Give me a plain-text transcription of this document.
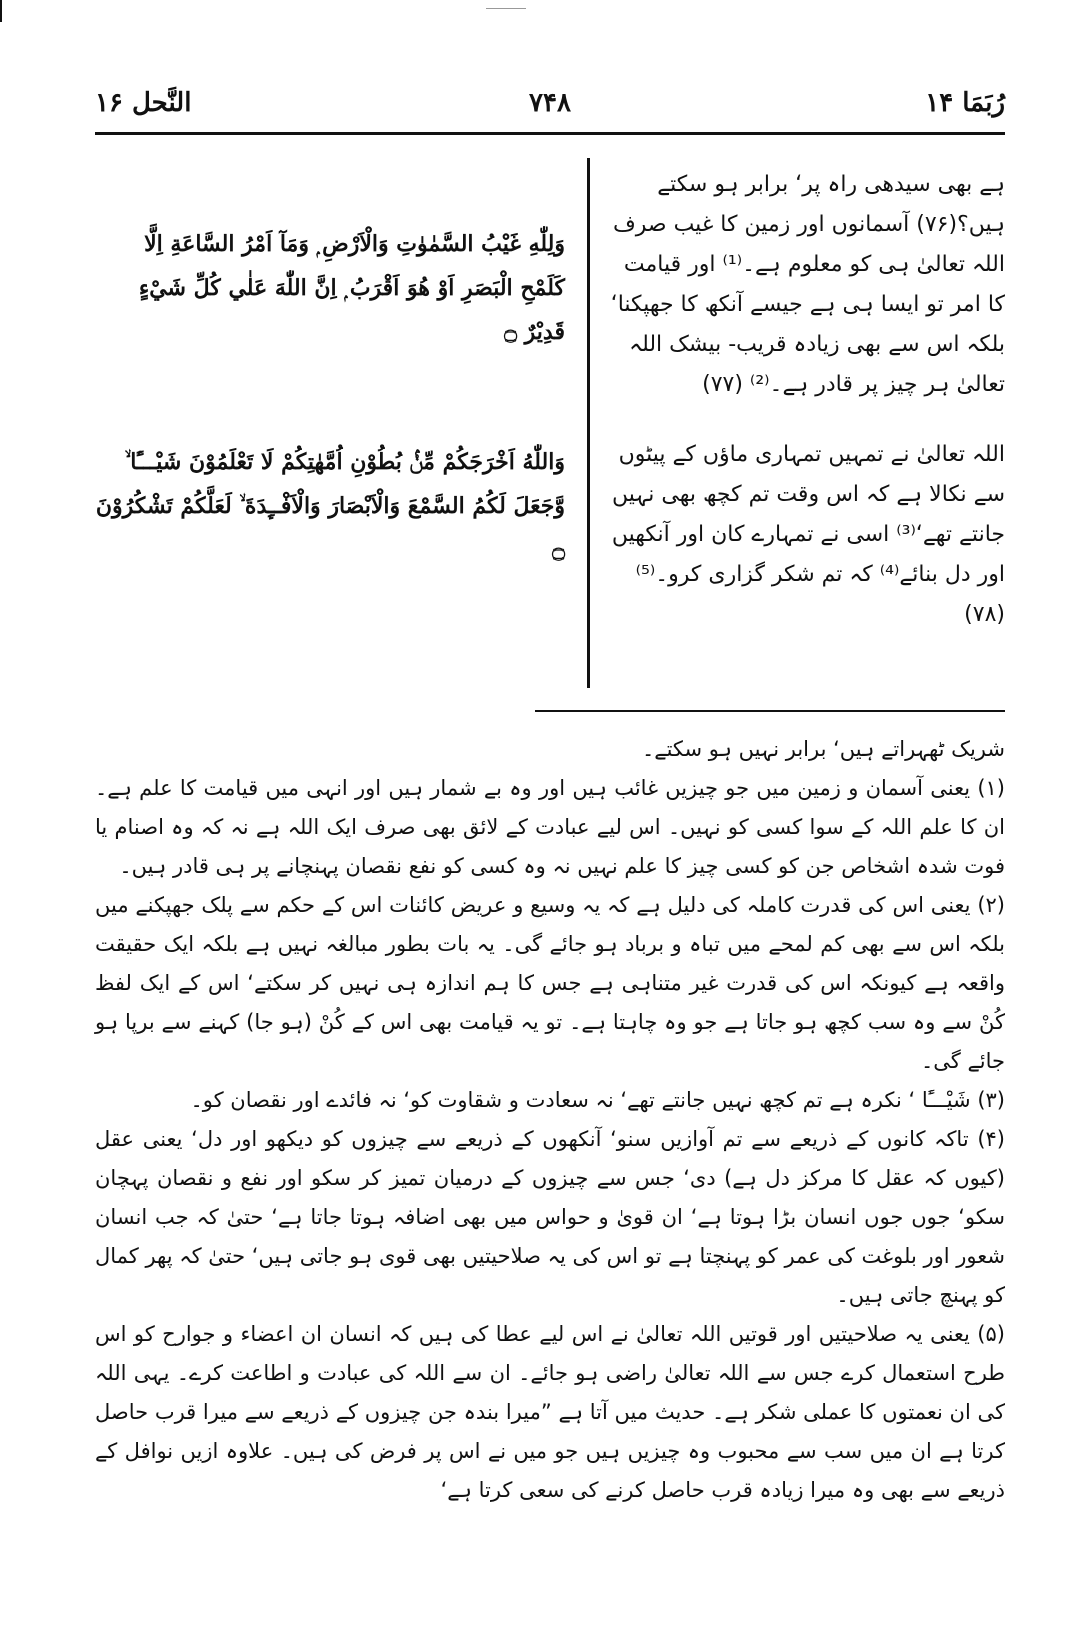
رُبَمَا ۱۴
۷۴۸
النَّحل ۱۶
ہے بھی سیدھی راہ پر‘ برابر ہو سکتے ہیں؟(۷۶) آسمانوں اور زمین کا غیب صرف اللہ تعالیٰ ہی کو معلوم ہے۔⁽¹⁾ اور قیامت کا امر تو ایسا ہی ہے جیسے آنکھ کا جھپکنا‘ بلکہ اس سے بھی زیادہ قریب- بیشک اللہ تعالیٰ ہر چیز پر قادر ہے۔⁽²⁾ (۷۷)
اللہ تعالیٰ نے تمہیں تمہاری ماؤں کے پیٹوں سے نکالا ہے کہ اس وقت تم کچھ بھی نہیں جانتے تھے‘⁽³⁾ اسی نے تمہارے کان اور آنکھیں اور دل بنائے⁽⁴⁾ کہ تم شکر گزاری کرو۔⁽⁵⁾ (۷۸)
وَلِلّٰهِ غَيْبُ السَّمٰوٰتِ وَالْاَرْضِ ۭ وَمَآ اَمْرُ السَّاعَةِ اِلَّا كَلَمْحِ الْبَصَرِ اَوْ هُوَ اَقْرَبُ ۭ اِنَّ اللّٰهَ عَلٰي كُلِّ شَيْءٍ قَدِيْرٌ ۝
وَاللّٰهُ اَخْرَجَكُمْ مِّنْۢ بُطُوْنِ اُمَّهٰتِكُمْ لَا تَعْلَمُوْنَ شَيْـــًٔا ۙ وَّجَعَلَ لَكُمُ السَّمْعَ وَالْاَبْصَارَ وَالْاَفْــِٕدَةَ ۙ لَعَلَّكُمْ تَشْكُرُوْنَ ۝

شریک ٹھہراتے ہیں‘ برابر نہیں ہو سکتے۔

(۱) یعنی آسمان و زمین میں جو چیزیں غائب ہیں اور وہ بے شمار ہیں اور انہی میں قیامت کا علم ہے۔ ان کا علم اللہ کے سوا کسی کو نہیں۔ اس لیے عبادت کے لائق بھی صرف ایک اللہ ہے نہ کہ وہ اصنام یا فوت شدہ اشخاص جن کو کسی چیز کا علم نہیں نہ وہ کسی کو نفع نقصان پہنچانے پر ہی قادر ہیں۔

(۲) یعنی اس کی قدرت کاملہ کی دلیل ہے کہ یہ وسیع و عریض کائنات اس کے حکم سے پلک جھپکنے میں بلکہ اس سے بھی کم لمحے میں تباہ و برباد ہو جائے گی۔ یہ بات بطور مبالغہ نہیں ہے بلکہ ایک حقیقت واقعہ ہے کیونکہ اس کی قدرت غیر متناہی ہے جس کا ہم اندازہ ہی نہیں کر سکتے‘ اس کے ایک لفظ کُنْ سے وہ سب کچھ ہو جاتا ہے جو وہ چاہتا ہے۔ تو یہ قیامت بھی اس کے کُنْ (ہو جا) کہنے سے برپا ہو جائے گی۔

(۳) شَيْـــًٔا ‘ نکرہ ہے تم کچھ نہیں جانتے تھے‘ نہ سعادت و شقاوت کو‘ نہ فائدے اور نقصان کو۔

(۴) تاکہ کانوں کے ذریعے سے تم آوازیں سنو‘ آنکھوں کے ذریعے سے چیزوں کو دیکھو اور دل‘ یعنی عقل (کیوں کہ عقل کا مرکز دل ہے) دی‘ جس سے چیزوں کے درمیان تمیز کر سکو اور نفع و نقصان پہچان سکو‘ جوں جوں انسان بڑا ہوتا ہے‘ ان قویٰ و حواس میں بھی اضافہ ہوتا جاتا ہے‘ حتیٰ کہ جب انسان شعور اور بلوغت کی عمر کو پہنچتا ہے تو اس کی یہ صلاحیتیں بھی قوی ہو جاتی ہیں‘ حتیٰ کہ پھر کمال کو پہنچ جاتی ہیں۔

(۵) یعنی یہ صلاحیتیں اور قوتیں اللہ تعالیٰ نے اس لیے عطا کی ہیں کہ انسان ان اعضاء و جوارح کو اس طرح استعمال کرے جس سے اللہ تعالیٰ راضی ہو جائے۔ ان سے اللہ کی عبادت و اطاعت کرے۔ یہی اللہ کی ان نعمتوں کا عملی شکر ہے۔ حدیث میں آتا ہے ”میرا بندہ جن چیزوں کے ذریعے سے میرا قرب حاصل کرتا ہے ان میں سب سے محبوب وہ چیزیں ہیں جو میں نے اس پر فرض کی ہیں۔ علاوہ ازیں نوافل کے ذریعے سے بھی وہ میرا زیادہ قرب حاصل کرنے کی سعی کرتا ہے‘
